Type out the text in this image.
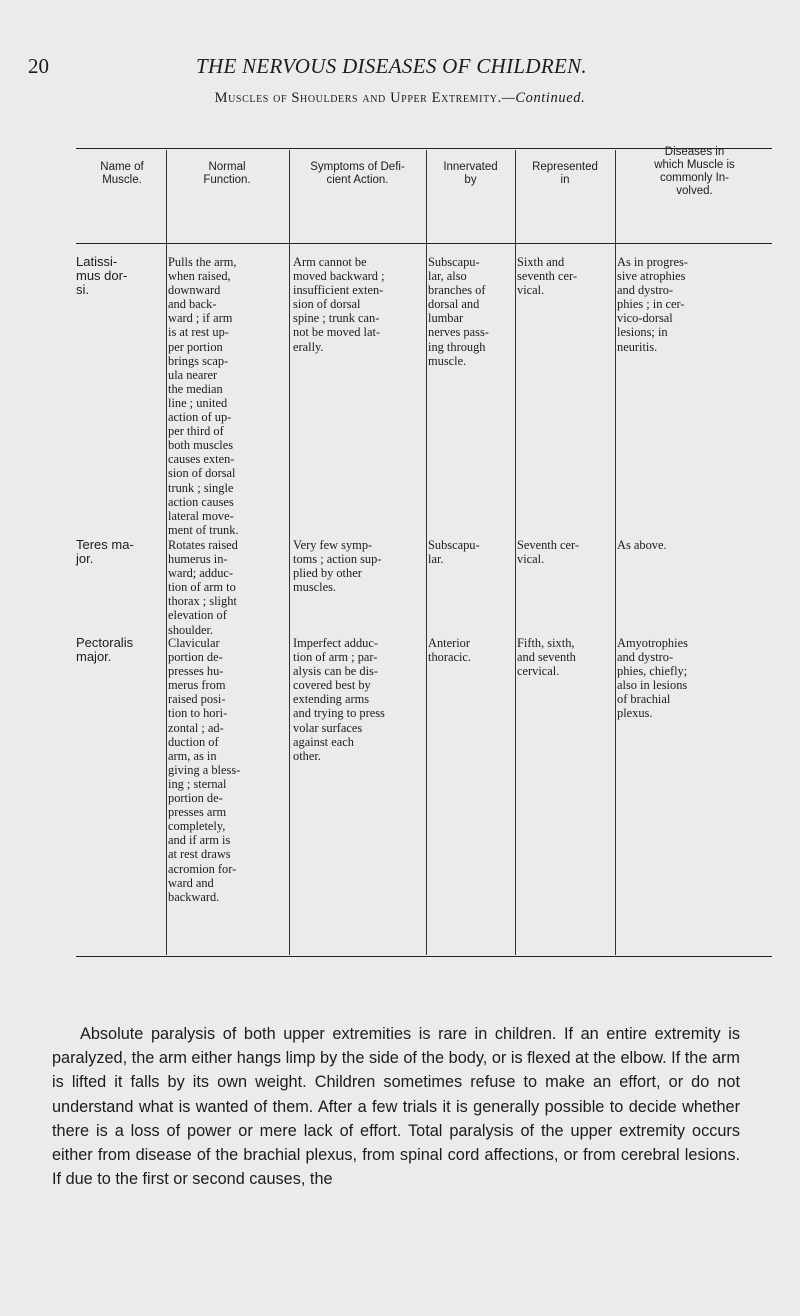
20	THE NERVOUS DISEASES OF CHILDREN.
Muscles of Shoulders and Upper Extremity.—Continued.
Name of
Muscle.
Normal
Function.
Symptoms of Defi-
cient Action.
Innervated
by
Represented
in
Diseases in
which Muscle is
commonly In-
volved.
Latissi-
mus dor-
si.
Pulls the arm,
when raised,
downward
and back-
ward ; if arm
is at rest up-
per portion
brings scap-
ula nearer
the median
line ; united
action of up-
per third of
both muscles
causes exten-
sion of dorsal
trunk ; single
action causes
lateral move-
ment of trunk.
Arm cannot be
moved backward ;
insufficient exten-
sion of dorsal
spine ; trunk can-
not be moved lat-
erally.
Subscapu-
lar, also
branches of
dorsal and
lumbar
nerves pass-
ing through
muscle.
Sixth and
seventh cer-
vical.
As in progres-
sive atrophies
and dystro-
phies ; in cer-
vico-dorsal
lesions; in
neuritis.
Teres ma-
jor.
Rotates raised
humerus in-
ward; adduc-
tion of arm to
thorax ; slight
elevation of
shoulder.
Very few symp-
toms ; action sup-
plied by other
muscles.
Subscapu-
lar.
Seventh cer-
vical.
As above.
Pectoralis
major.
Clavicular
portion de-
presses hu-
merus from
raised posi-
tion to hori-
zontal ; ad-
duction of
arm, as in
giving a bless-
ing ; sternal
portion de-
presses arm
completely,
and if arm is
at rest draws
acromion for-
ward and
backward.
Imperfect adduc-
tion of arm ; par-
alysis can be dis-
covered best by
extending arms
and trying to press
volar surfaces
against each
other.
Anterior
thoracic.
Fifth, sixth,
and seventh
cervical.
Amyotrophies
and dystro-
phies, chiefly;
also in lesions
of brachial
plexus.
Absolute paralysis of both upper extremities is rare in children. If an entire extremity is paralyzed, the arm either hangs limp by the side of the body, or is flexed at the elbow. If the arm is lifted it falls by its own weight. Children sometimes refuse to make an effort, or do not understand what is wanted of them. After a few trials it is generally possible to decide whether there is a loss of power or mere lack of effort. Total paralysis of the upper extremity occurs either from disease of the brachial plexus, from spinal cord affections, or from cerebral lesions. If due to the first or second causes, the
